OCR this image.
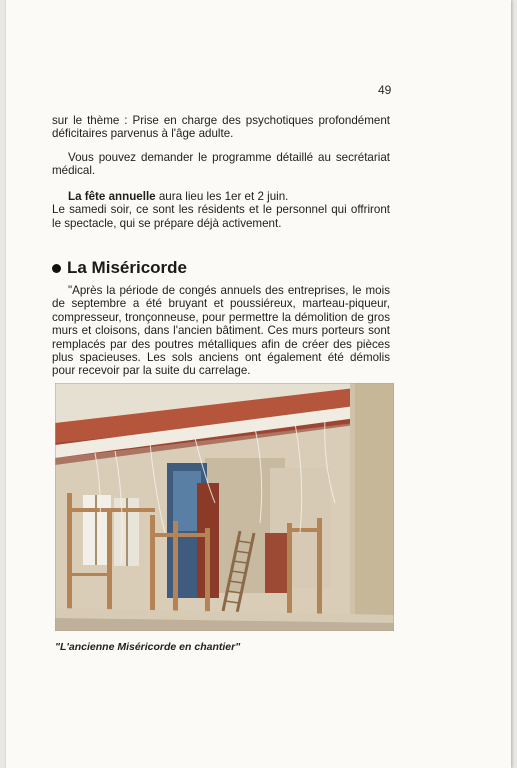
49
sur le thème : Prise en charge des psychotiques profondément déficitaires parvenus à l'âge adulte.
Vous pouvez demander le programme détaillé au secrétariat médical.
La fête annuelle aura lieu les 1er et 2 juin.
Le samedi soir, ce sont les résidents et le personnel qui offriront le spectacle, qui se prépare déjà activement.
La Miséricorde
"Après la période de congés annuels des entreprises, le mois de septembre a été bruyant et poussiéreux, marteau-piqueur, compresseur, tronçonneuse, pour permettre la démolition de gros murs et cloisons, dans l'ancien bâtiment. Ces murs porteurs sont remplacés par des poutres métalliques afin de créer des pièces plus spacieuses. Les sols anciens ont également été démolis pour recevoir par la suite du carrelage.
"L'ancienne Miséricorde en chantier"
